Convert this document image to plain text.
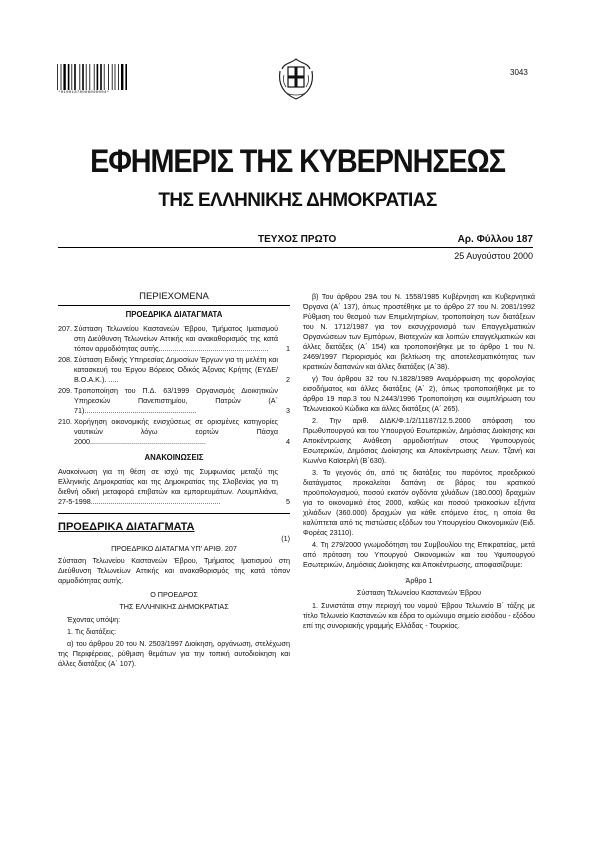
*01001870008000004*
3043
ΕΦΗΜΕΡΙΣ ΤΗΣ ΚΥΒΕΡΝΗΣΕΩΣ
ΤΗΣ ΕΛΛΗΝΙΚΗΣ ΔΗΜΟΚΡΑΤΙΑΣ
ΤΕΥΧΟΣ ΠΡΩΤΟ	Αρ. Φύλλου 187
25 Αυγούστου 2000
ΠΕΡΙΕΧΟΜΕΝΑ
ΠΡΟΕΔΡΙΚΑ ΔΙΑΤΑΓΜΑΤΑ
207. Σύσταση Τελωνείου Καστανεών Έβρου, Τμήματος Ιματισμού στη Διεύθυνση Τελωνείων Αττικής και ανακαθορισμός της κατά τόπον αρμοδιότητας αυτής.......................................................	1
208. Σύσταση Ειδικής Υπηρεσίας Δημοσίων Έργων για τη μελέτη και κατασκευή του Έργου Βόρειος Οδικός Άξονας Κρήτης (ΕΥΔΕ/Β.Ο.Α.Κ.). .....	2
209. Τροποποίηση του Π.Δ. 63/1999 Οργανισμός Διοικητικών Υπηρεσιών Πανεπιστημίου, Πατρών (Α΄ 71)........................................................	3
210. Χορήγηση οικονομικής ενισχύσεως σε ορισμένες κατηγορίες ναυτικών λόγω εορτών Πάσχα 2000..........................................................	4
ΑΝΑΚΟΙΝΩΣΕΙΣ
Ανακοίνωση για τη θέση σε ισχύ της Συμφωνίας μεταξύ της Ελληνικής Δημοκρατίας και της Δημοκρατίας της Σλοβενίας για τη διεθνή οδική μεταφορά επιβατών και εμπορευμάτων. Λουμπλιάνα, 27-5-1998.................................................................	5
ΠΡΟΕΔΡΙΚΑ ΔΙΑΤΑΓΜΑΤΑ
(1)

ΠΡΟΕΔΡΙΚΟ ΔΙΑΤΑΓΜΑ ΥΠ' ΑΡΙΘ. 207

Σύσταση Τελωνείου Καστανεών Έβρου, Τμήματος Ιματισμού στη Διεύθυνση Τελωνείων Αττικής και ανακαθορισμός της κατά τόπον αρμοδιότητας αυτής.

Ο ΠΡΟΕΔΡΟΣ

ΤΗΣ ΕΛΛΗΝΙΚΗΣ ΔΗΜΟΚΡΑΤΙΑΣ

Έχοντας υπόψη:

1. Τις διατάξεις:

α) του άρθρου 20 του Ν. 2503/1997 Διοίκηση, οργάνωση, στελέχωση της Περιφέρειας, ρύθμιση θεμάτων για την τοπική αυτοδιοίκηση και άλλες διατάξεις (Α΄ 107).

β) Του άρθρου 29Α του Ν. 1558/1985 Κυβέρνηση και Κυβερνητικά Όργανα (Α΄ 137), όπως προστέθηκε με το άρθρο 27 του Ν. 2081/1992 Ρύθμιση του θεσμού των Επιμελητηρίων, τροποποίηση των διατάξεων του Ν. 1712/1987 για τον εκσυγχρονισμό των Επαγγελματικών Οργανώσεων των Εμπόρων, Βιοτεχνών και λοιπών επαγγελματικών και άλλες διατάξεις (Α΄ 154) και τροποποιήθηκε με το άρθρο 1 του Ν. 2469/1997 Περιορισμός και βελτίωση της αποτελεσματικότητας των κρατικών δαπανών και άλλες διατάξεις (Α΄38).

γ) Του άρθρου 32 του Ν.1828/1989 Αναμόρφωση της φορολογίας εισοδήματος και άλλες διατάξεις (Α΄ 2), όπως τροποποιήθηκε με το άρθρο 19 παρ.3 του Ν.2443/1996 Τροποποίηση και συμπλήρωση του Τελωνειακού Κώδικα και άλλες διατάξεις (Α΄ 265).

2. Την αριθ. ΔΙΔΚ/Φ.1/2/11187/12.5.2000 απόφαση του Πρωθυπουργού και του Υπουργού Εσωτερικών, Δημόσιας Διοίκησης και Αποκέντρωσης Ανάθεση αρμοδιοτήτων στους Υφυπουργούς Εσωτερικών, Δημόσιας Διοίκησης και Αποκέντρωσης Λεων. Τζανή και Κων/νο Καϊσερλή (Β΄630).

3. Το γεγονός ότι, από τις διατάξεις του παρόντος προεδρικού διατάγματος προκαλείται δαπάνη σε βάρος του κρατικού προϋπολογισμού, ποσού εκατόν ογδόντα χιλιάδων (180.000) δραχμών για το οικονομικό έτος 2000, καθώς και ποσού τριακοσίων εξήντα χιλιάδων (360.000) δραχμών για κάθε επόμενο έτος, η οποία θα καλύπτεται από τις πιστώσεις εξόδων του Υπουργείου Οικονομικών (Ειδ. Φορέας 23110).

4. Τη 279/2000 γνωμοδότηση του Συμβουλίου της Επικρατείας, μετά από πρόταση του Υπουργού Οικονομικών και του Υφυπουργού Εσωτερικών, Δημόσιας Διοίκησης και Αποκέντρωσης, αποφασίζουμε:

Άρθρο 1

Σύσταση Τελωνείου Καστανεών Έβρου

1. Συνιστάται στην περιοχή του νομού Έβρου Τελωνείο Β΄ τάξης με τίτλο Τελωνείο Καστανεών και έδρα το ομώνυμο σημείο εισόδου - εξόδου επί της συνοριακής γραμμής Ελλάδας - Τουρκίας.
